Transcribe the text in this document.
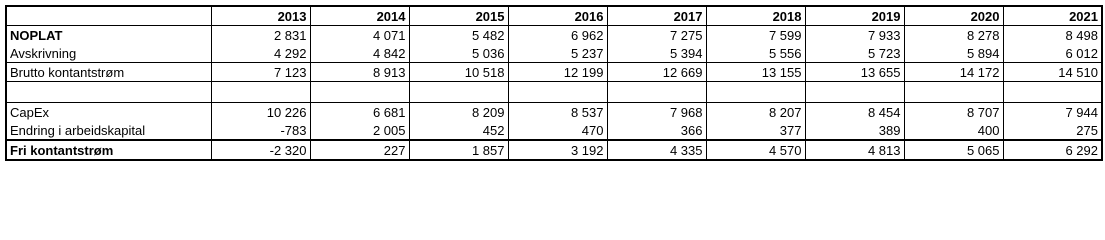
	2013	2014	2015	2016	2017	2018	2019	2020	2021
NOPLAT	2 831	4 071	5 482	6 962	7 275	7 599	7 933	8 278	8 498
Avskrivning	4 292	4 842	5 036	5 237	5 394	5 556	5 723	5 894	6 012
Brutto kontantstrøm	7 123	8 913	10 518	12 199	12 669	13 155	13 655	14 172	14 510

CapEx	10 226	6 681	8 209	8 537	7 968	8 207	8 454	8 707	7 944
Endring i arbeidskapital	-783	2 005	452	470	366	377	389	400	275
Fri kontantstrøm	-2 320	227	1 857	3 192	4 335	4 570	4 813	5 065	6 292
